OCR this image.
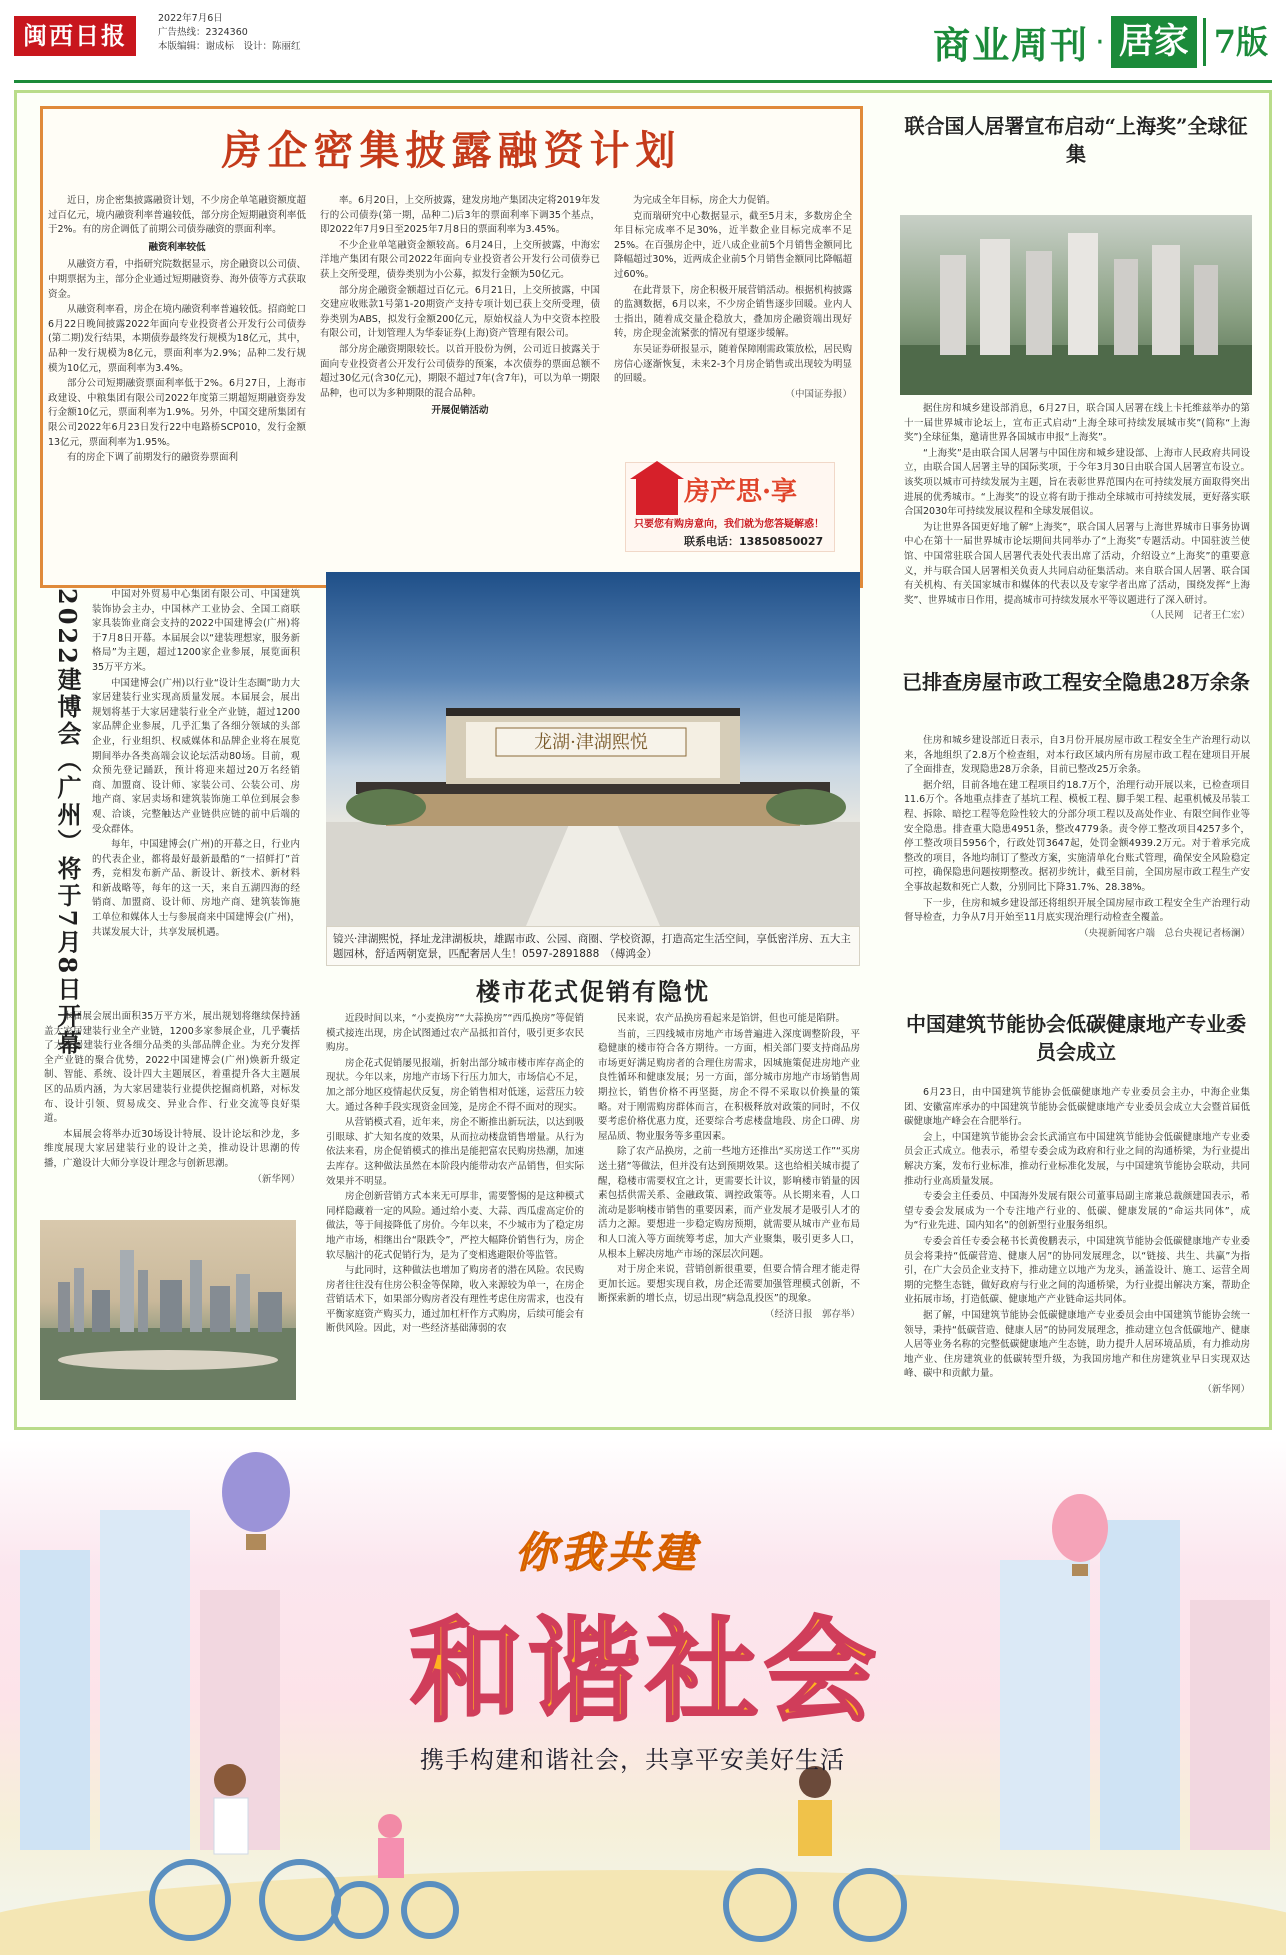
闽西日报
2022年7月6日
广告热线：2324360
本版编辑：谢成标　设计：陈丽红	商业周刊 · 居家 7版
房企密集披露融资计划

近日，房企密集披露融资计划，不少房企单笔融资额度超过百亿元，境内融资利率普遍较低，部分房企短期融资利率低于2%。有的房企调低了前期公司债券融资的票面利率。

融资利率较低

从融资方看，中指研究院数据显示，房企融资以公司债、中期票据为主，部分企业通过短期融资券、海外债等方式获取资金。

从融资利率看，房企在境内融资利率普遍较低。招商蛇口6月22日晚间披露2022年面向专业投资者公开发行公司债券(第二期)发行结果，本期债券最终发行规模为18亿元，其中，品种一发行规模为8亿元，票面利率为2.9%；品种二发行规模为10亿元，票面利率为3.4%。

部分公司短期融资票面利率低于2%。6月27日，上海市政建设、中粮集团有限公司2022年度第三期超短期融资券发行金额10亿元，票面利率为1.9%。另外，中国交建所集团有限公司2022年6月23日发行22中电路桥SCP010，发行金额13亿元，票面利率为1.95%。

有的房企下调了前期发行的融资券票面利

率。6月20日，上交所披露，建发房地产集团决定将2019年发行的公司债券(第一期，品种二)后3年的票面利率下调35个基点，即2022年7月9日至2025年7月8日的票面利率为3.45%。

不少企业单笔融资金额较高。6月24日，上交所披露，中海宏洋地产集团有限公司2022年面向专业投资者公开发行公司债券已获上交所受理，债券类别为小公募，拟发行金额为50亿元。

部分房企融资金额超过百亿元。6月21日，上交所披露，中国交建应收账款1号第1-20期资产支持专项计划已获上交所受理，债券类别为ABS，拟发行金额200亿元，原始权益人为中交资本控股有限公司，计划管理人为华泰证券(上海)资产管理有限公司。

部分房企融资期限较长。以首开股份为例，公司近日披露关于面向专业投资者公开发行公司债券的预案，本次债券的票面总额不超过30亿元(含30亿元)，期限不超过7年(含7年)，可以为单一期限品种，也可以为多种期限的混合品种。

开展促销活动

为完成全年目标，房企大力促销。

克而瑞研究中心数据显示，截至5月末，多数房企全年目标完成率不足30%，近半数企业目标完成率不足25%。在百强房企中，近八成企业前5个月销售金额同比降幅超过30%，近两成企业前5个月销售金额同比降幅超过60%。

在此背景下，房企积极开展营销活动。根据机构披露的监测数据，6月以来，不少房企销售逐步回暖。业内人士指出，随着成交量企稳放大，叠加房企融资端出现好转，房企现金流紧张的情况有望逐步缓解。

东吴证券研报显示，随着保障刚需政策放松，居民购房信心逐渐恢复，未来2-3个月房企销售或出现较为明显的回暖。

（中国证券报）

房产思·享
只要您有购房意向，我们就为您答疑解惑！
联系电话：13850850027
2022建博会（广州）将于7月8日开幕	中国对外贸易中心集团有限公司、中国建筑装饰协会主办，中国林产工业协会、全国工商联家具装饰业商会支持的2022中国建博会(广州)将于7月8日开幕。本届展会以“建装理想家，服务新格局”为主题，超过1200家企业参展，展览面积35万平方米。

中国建博会(广州)以行业“设计生态圈”助力大家居建装行业实现高质量发展。本届展会，展出规划将基于大家居建装行业全产业链，超过1200家品牌企业参展，几乎汇集了各细分领域的头部企业，行业组织、权威媒体和品牌企业将在展览期间举办各类高端会议论坛活动80场。目前，观众预先登记踊跃，预计将迎来超过20万名经销商、加盟商、设计师、家装公司、公装公司、房地产商、家居卖场和建筑装饰施工单位到展会参观、洽谈，完整触达产业链供应链的前中后端的受众群体。

每年，中国建博会(广州)的开幕之日，行业内的代表企业，都将最好最新最酷的“一招鲜打”首秀，竞相发布新产品、新设计、新技术、新材料和新战略等，每年的这一天，来自五湖四海的经销商、加盟商、设计师、房地产商、建筑装饰施工单位和媒体人士与参展商来中国建博会(广州)，共谋发展大计，共享发展机遇。

本届展会展出面积35万平方米，展出规划将继续保持涵盖大家居建装行业全产业链，1200多家参展企业，几乎囊括了大家居建装行业各细分品类的头部品牌企业。为充分发挥全产业链的聚合优势，2022中国建博会(广州)焕新升级定制、智能、系统、设计四大主题展区，着重提升各大主题展区的品质内涵，为大家居建装行业提供挖掘商机路，对标发布、设计引领、贸易成交、异业合作、行业交流等良好渠道。

本届展会将举办近30场设计特展、设计论坛和沙龙，多维度展现大家居建装行业的设计之美，推动设计思潮的传播，广邀设计大师分享设计理念与创新思潮。

（新华网）

龙湖·津湖熙悦
镜兴·津湖熙悦，择址龙津湖板块，雄踞市政、公园、商圈、学校资源，打造高定生活空间，享低密洋房、五大主题园林，舒适两朝宽景，匹配奢居人生！0597-2891888　（傅鸿金）
楼市花式促销有隐忧

近段时间以来，“小麦换房”“大蒜换房”“西瓜换房”等促销模式接连出现，房企试图通过农产品抵扣首付，吸引更多农民购房。

房企花式促销屡见报端，折射出部分城市楼市库存高企的现状。今年以来，房地产市场下行压力加大，市场信心不足，加之部分地区疫情起伏反复，房企销售相对低迷，运营压力较大。通过各种手段实现资金回笼，是房企不得不面对的现实。

从营销模式看，近年来，房企不断推出新玩法，以达到吸引眼球、扩大知名度的效果，从而拉动楼盘销售增量。从行为依法来看，房企促销模式的推出是能把富农民购房热潮，加速去库存。这种做法虽然在本阶段内能带动农产品销售，但实际效果并不明显。

房企创新营销方式本来无可厚非，需要警惕的是这种模式同样隐藏着一定的风险。通过给小麦、大蒜、西瓜虚高定价的做法，等于间接降低了房价。今年以来，不少城市为了稳定房地产市场，相继出台“限跌令”，严控大幅降价销售行为，房企软尽脑汁的花式促销行为，是为了变相逃避限价等监管。

与此同时，这种做法也增加了购房者的潜在风险。农民购房者往往没有住房公积金等保障，收入来源较为单一，在房企营销话术下，如果部分购房者没有理性考虑住房需求，也没有平衡家庭资产购买力，通过加杠杆作方式购房，后续可能会有断供风险。因此，对一些经济基础薄弱的农

民来说，农产品换房看起来是馅饼，但也可能是陷阱。

当前，三四线城市房地产市场普遍进入深度调整阶段，平稳健康的楼市符合各方期待。一方面，相关部门要支持商品房市场更好满足购房者的合理住房需求，因城施策促进房地产业良性循环和健康发展；另一方面，部分城市房地产市场销售周期拉长，销售价格不再坚挺，房企不得不采取以价换量的策略。对于刚需购房群体而言，在积极释放对政策的同时，不仅要考虑价格优惠力度，还要综合考虑楼盘地段、房企口碑、房屋品质、物业服务等多重因素。

除了农产品换房，之前一些地方还推出“买房送工作”“买房送土猪”等做法，但并没有达到预期效果。这也给相关城市提了醒，稳楼市需要权宜之计，更需要长计议，影响楼市销量的因素包括供需关系、金融政策、调控政策等。从长期来看，人口流动是影响楼市销售的重要因素，而产业发展才是吸引人才的活力之源。要想进一步稳定购房预期，就需要从城市产业布局和人口流入等方面统筹考虑，加大产业聚集，吸引更多人口，从根本上解决房地产市场的深层次问题。

对于房企来说，营销创新很重要，但要合情合理才能走得更加长远。要想实现自救，房企还需要加强管理模式创新，不断探索新的增长点，切忌出现“病急乱投医”的现象。

（经济日报　郭存举）

联合国人居署宣布启动“上海奖”全球征集

据住房和城乡建设部消息，6月27日，联合国人居署在线上卡托维兹举办的第十一届世界城市论坛上，宣布正式启动“上海全球可持续发展城市奖”(简称“上海奖”)全球征集，邀请世界各国城市申报“上海奖”。

“上海奖”是由联合国人居署与中国住房和城乡建设部、上海市人民政府共同设立，由联合国人居署主导的国际奖项，于今年3月30日由联合国人居署宣布设立。该奖项以城市可持续发展为主题，旨在表彰世界范围内在可持续发展方面取得突出进展的优秀城市。“上海奖”的设立将有助于推动全球城市可持续发展，更好落实联合国2030年可持续发展议程和全球发展倡议。

为让世界各国更好地了解“上海奖”，联合国人居署与上海世界城市日事务协调中心在第十一届世界城市论坛期间共同举办了“上海奖”专题活动。中国驻波兰使馆、中国常驻联合国人居署代表处代表出席了活动，介绍设立“上海奖”的重要意义，并与联合国人居署相关负责人共同启动征集活动。来自联合国人居署、联合国有关机构、有关国家城市和媒体的代表以及专家学者出席了活动，围绕发挥“上海奖”、世界城市日作用，提高城市可持续发展水平等议题进行了深入研讨。

（人民网　记者王仁宏）

已排查房屋市政工程安全隐患28万余条

住房和城乡建设部近日表示，自3月份开展房屋市政工程安全生产治理行动以来，各地组织了2.8万个检查组，对本行政区域内所有房屋市政工程在建项目开展了全面排查，发现隐患28万余条，目前已整改25万余条。

据介绍，目前各地在建工程项目约18.7万个，治理行动开展以来，已检查项目11.6万个。各地重点排查了基坑工程、模板工程、脚手架工程、起重机械及吊装工程、拆除、暗挖工程等危险性较大的分部分项工程以及高处作业、有限空间作业等安全隐患。排查重大隐患4951条，整改4779条。责令停工整改项目4257多个，停工整改项目5956个，行政处罚3647起，处罚金额4939.2万元。对于着承完成整改的项目，各地均制订了整改方案，实施清单化台账式管理，确保安全风险稳定可控，确保隐患问题按期整改。据初步统计，截至目前，全国房屋市政工程生产安全事故起数和死亡人数，分别同比下降31.7%、28.38%。

下一步，住房和城乡建设部还将组织开展全国房屋市政工程安全生产治理行动督导检查，力争从7月开始至11月底实现治理行动检查全覆盖。

（央视新闻客户端　总台央视记者杨澜）

中国建筑节能协会低碳健康地产专业委员会成立

6月23日，由中国建筑节能协会低碳健康地产专业委员会主办，中海企业集团、安徽富库承办的中国建筑节能协会低碳健康地产专业委员会成立大会暨首届低碳健康地产峰会在合肥举行。

会上，中国建筑节能协会会长武涌宣布中国建筑节能协会低碳健康地产专业委员会正式成立。他表示，希望专委会成为政府和行业之间的沟通桥梁，为行业提出解决方案，发布行业标准，推动行业标准化发展，与中国建筑节能协会联动，共同推动行业高质量发展。

专委会主任委员、中国海外发展有限公司董事局副主席兼总裁颜建国表示，希望专委会发展成为一个专注地产行业的、低碳、健康发展的“命运共同体”，成为“行业先进、国内知名”的创新型行业服务组织。

专委会首任专委会秘书长黄俊鹏表示，中国建筑节能协会低碳健康地产专业委员会将秉持“低碳营造、健康人居”的协同发展理念，以“链接、共生、共赢”为指引，在广大会员企业支持下，推动建立以地产为龙头，涵盖设计、施工、运营全周期的完整生态链，做好政府与行业之间的沟通桥梁，为行业提出解决方案，帮助企业拓展市场，打造低碳、健康地产产业链命运共同体。

据了解，中国建筑节能协会低碳健康地产专业委员会由中国建筑节能协会统一领导，秉持“低碳营造、健康人居”的协同发展理念，推动建立包含低碳地产、健康人居等业务名称的完整低碳健康地产生态链，助力提升人居环境品质，有力推动房地产业、住房建筑业的低碳转型升级，为我国房地产和住房建筑业早日实现双达峰、碳中和贡献力量。

（新华网）

你我共建
和谐社会
携手构建和谐社会，共享平安美好生活
